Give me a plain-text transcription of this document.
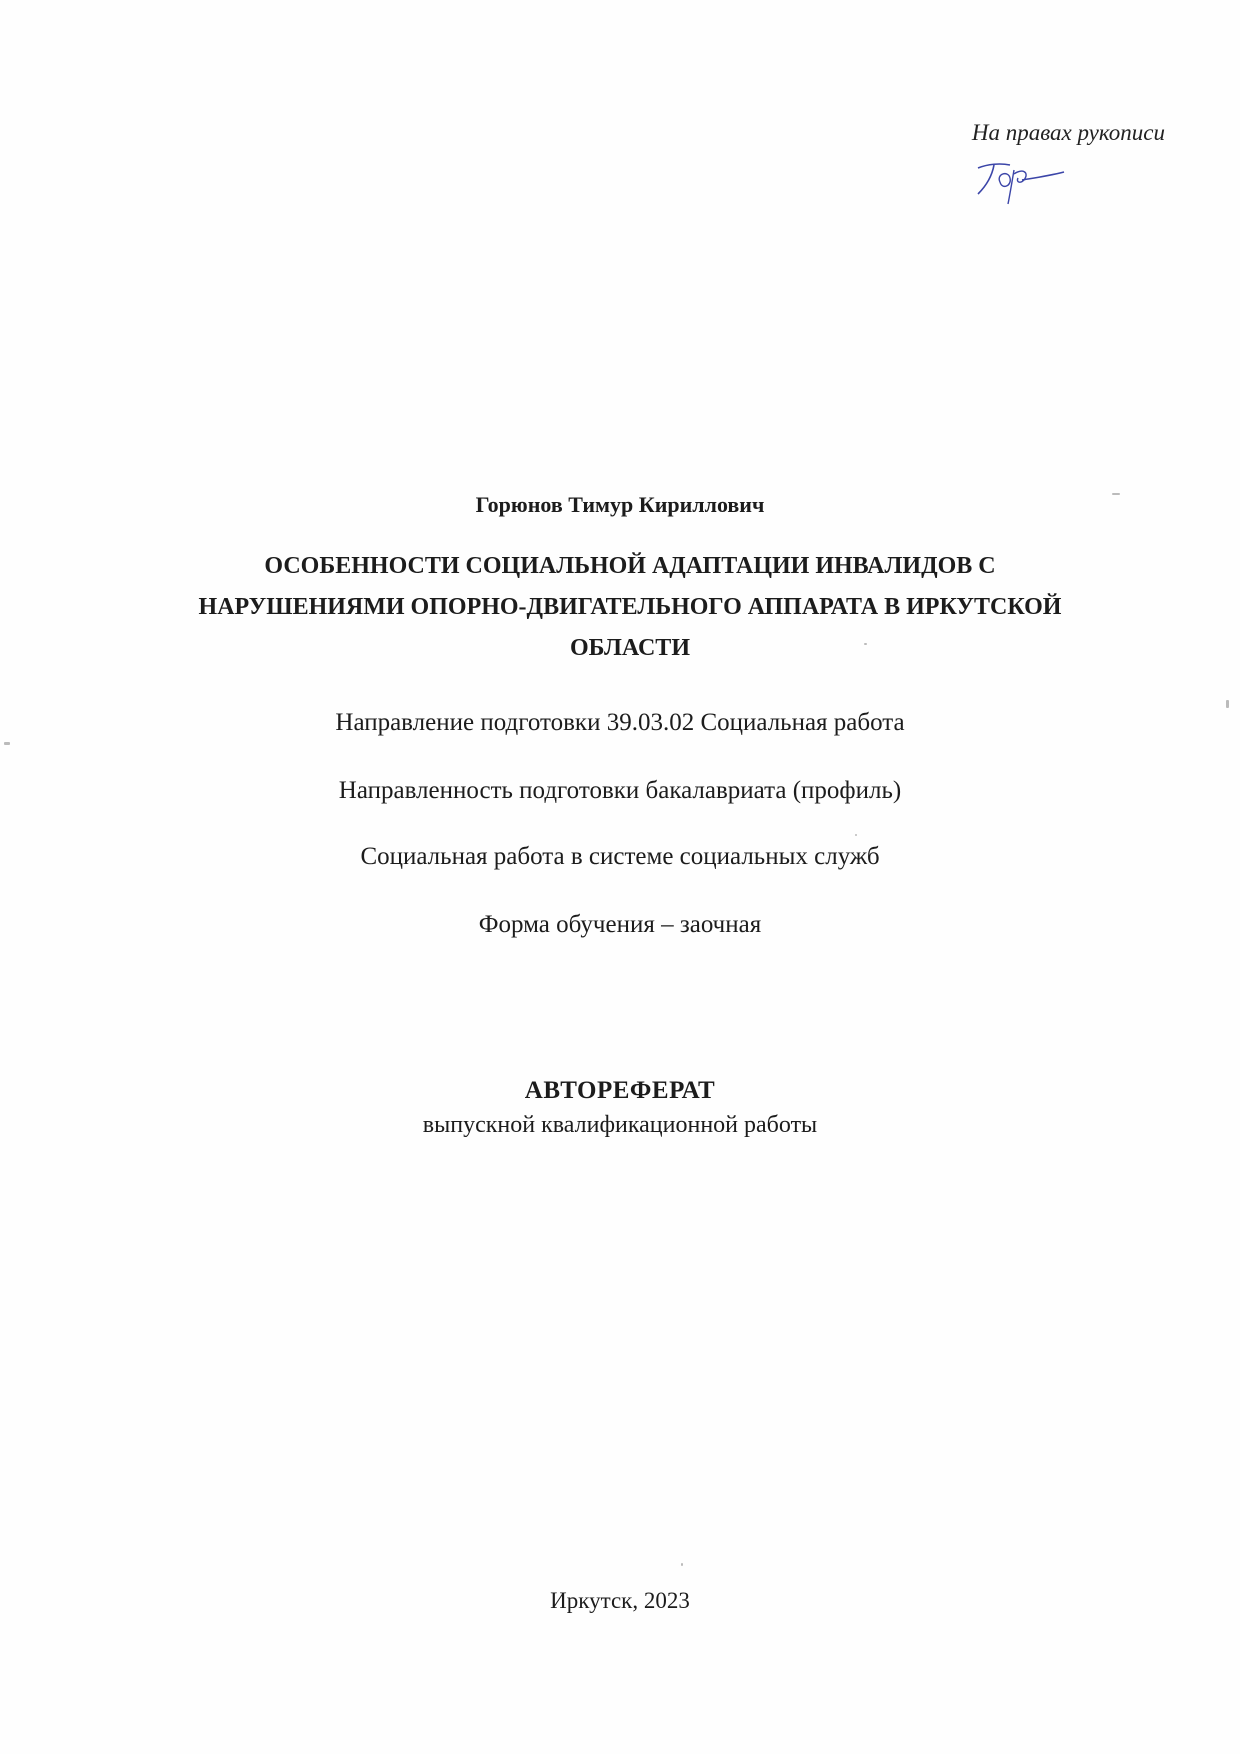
На правах рукописи
Горюнов Тимур Кириллович
ОСОБЕННОСТИ СОЦИАЛЬНОЙ АДАПТАЦИИ ИНВАЛИДОВ С НАРУШЕНИЯМИ ОПОРНО-ДВИГАТЕЛЬНОГО АППАРАТА В ИРКУТСКОЙ ОБЛАСТИ
Направление подготовки 39.03.02 Социальная работа
Направленность подготовки бакалавриата (профиль)
Социальная работа в системе социальных служб
Форма обучения – заочная
АВТОРЕФЕРАТ
выпускной квалификационной работы
Иркутск, 2023
